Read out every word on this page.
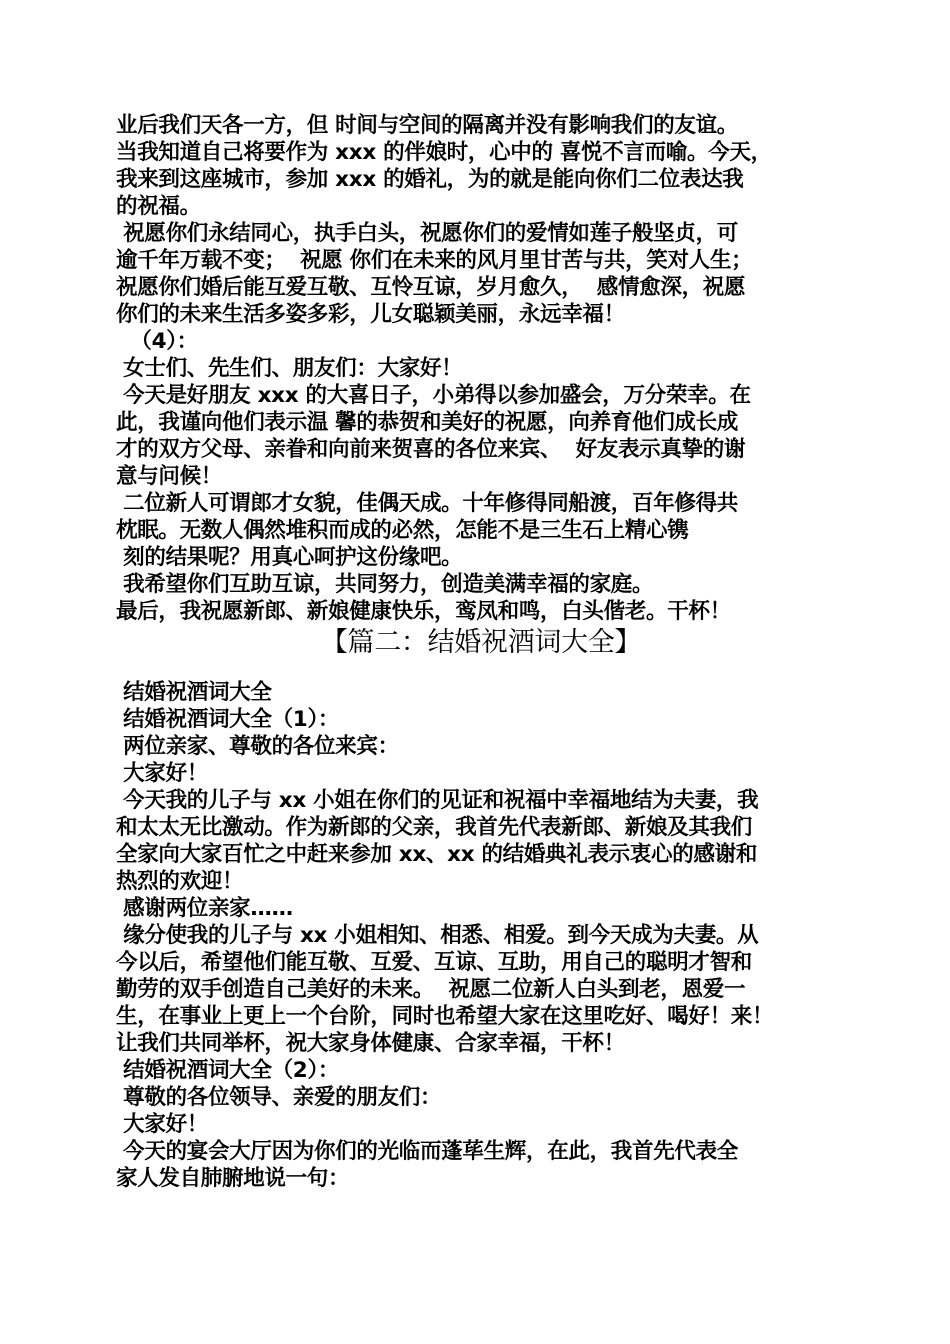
业后我们天各一方，但 时间与空间的隔离并没有影响我们的友谊。
当我知道自己将要作为 xxx 的伴娘时，心中的 喜悦不言而喻。今天，
我来到这座城市，参加 xxx 的婚礼，为的就是能向你们二位表达我
的祝福。
祝愿你们永结同心，执手白头，祝愿你们的爱情如莲子般坚贞，可
逾千年万载不变；  祝愿 你们在未来的风月里甘苦与共，笑对人生；
祝愿你们婚后能互爱互敬、互怜互谅，岁月愈久，  感情愈深，祝愿
你们的未来生活多姿多彩，儿女聪颖美丽，永远幸福！
（4）：
女士们、先生们、朋友们：大家好！
今天是好朋友 xxx 的大喜日子，小弟得以参加盛会，万分荣幸。在
此，我谨向他们表示温 馨的恭贺和美好的祝愿，向养育他们成长成
才的双方父母、亲眷和向前来贺喜的各位来宾、  好友表示真挚的谢
意与问候！
二位新人可谓郎才女貌，佳偶天成。十年修得同船渡，百年修得共
枕眠。无数人偶然堆积而成的必然，怎能不是三生石上精心镌
刻的结果呢？用真心呵护这份缘吧。
我希望你们互助互谅，共同努力，创造美满幸福的家庭。
最后，我祝愿新郎、新娘健康快乐，鸾凤和鸣，白头偕老。干杯！
【篇二：结婚祝酒词大全】
结婚祝酒词大全
结婚祝酒词大全（1）：
两位亲家、尊敬的各位来宾：
大家好！
今天我的儿子与 xx 小姐在你们的见证和祝福中幸福地结为夫妻，我
和太太无比激动。作为新郎的父亲，我首先代表新郎、新娘及其我们
全家向大家百忙之中赶来参加 xx、xx 的结婚典礼表示衷心的感谢和
热烈的欢迎！
感谢两位亲家……
缘分使我的儿子与 xx 小姐相知、相悉、相爱。到今天成为夫妻。从
今以后，希望他们能互敬、互爱、互谅、互助，用自己的聪明才智和
勤劳的双手创造自己美好的未来。  祝愿二位新人白头到老，恩爱一
生，在事业上更上一个台阶，同时也希望大家在这里吃好、喝好！来！
让我们共同举杯，祝大家身体健康、合家幸福，干杯！
结婚祝酒词大全（2）：
尊敬的各位领导、亲爱的朋友们：
大家好！
今天的宴会大厅因为你们的光临而蓬荜生辉，在此，我首先代表全
家人发自肺腑地说一句：
